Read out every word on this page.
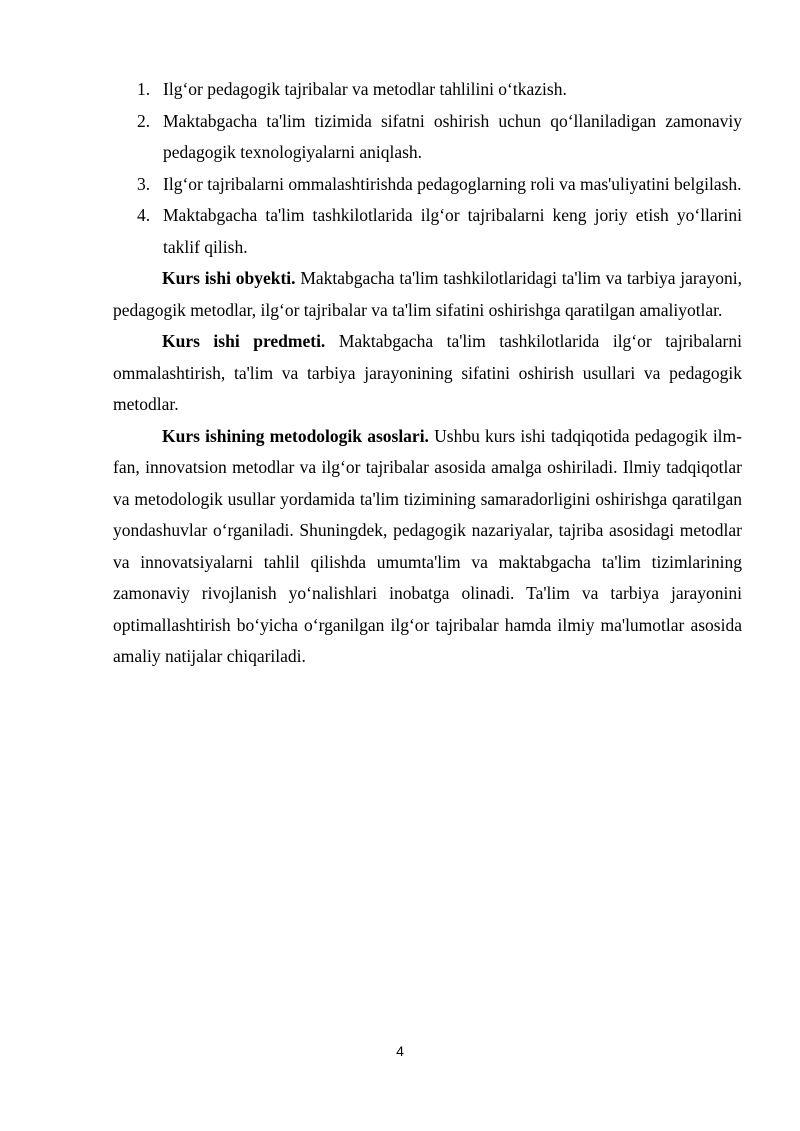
1. Ilg‘or pedagogik tajribalar va metodlar tahlilini o‘tkazish.
2. Maktabgacha ta'lim tizimida sifatni oshirish uchun qo‘llaniladigan zamonaviy pedagogik texnologiyalarni aniqlash.
3. Ilg‘or tajribalarni ommalashtirishda pedagoglarning roli va mas'uliyatini belgilash.
4. Maktabgacha ta'lim tashkilotlarida ilg‘or tajribalarni keng joriy etish yo‘llarini taklif qilish.

Kurs ishi obyekti. Maktabgacha ta'lim tashkilotlaridagi ta'lim va tarbiya jarayoni, pedagogik metodlar, ilg‘or tajribalar va ta'lim sifatini oshirishga qaratilgan amaliyotlar.

Kurs ishi predmeti. Maktabgacha ta'lim tashkilotlarida ilg‘or tajribalarni ommalashtirish, ta'lim va tarbiya jarayonining sifatini oshirish usullari va pedagogik metodlar.

Kurs ishining metodologik asoslari. Ushbu kurs ishi tadqiqotida pedagogik ilm-fan, innovatsion metodlar va ilg‘or tajribalar asosida amalga oshiriladi. Ilmiy tadqiqotlar va metodologik usullar yordamida ta'lim tizimining samaradorligini oshirishga qaratilgan yondashuvlar o‘rganiladi. Shuningdek, pedagogik nazariyalar, tajriba asosidagi metodlar va innovatsiyalarni tahlil qilishda umumta'lim va maktabgacha ta'lim tizimlarining zamonaviy rivojlanish yo‘nalishlari inobatga olinadi. Ta'lim va tarbiya jarayonini optimallashtirish bo‘yicha o‘rganilgan ilg‘or tajribalar hamda ilmiy ma'lumotlar asosida amaliy natijalar chiqariladi.

4
